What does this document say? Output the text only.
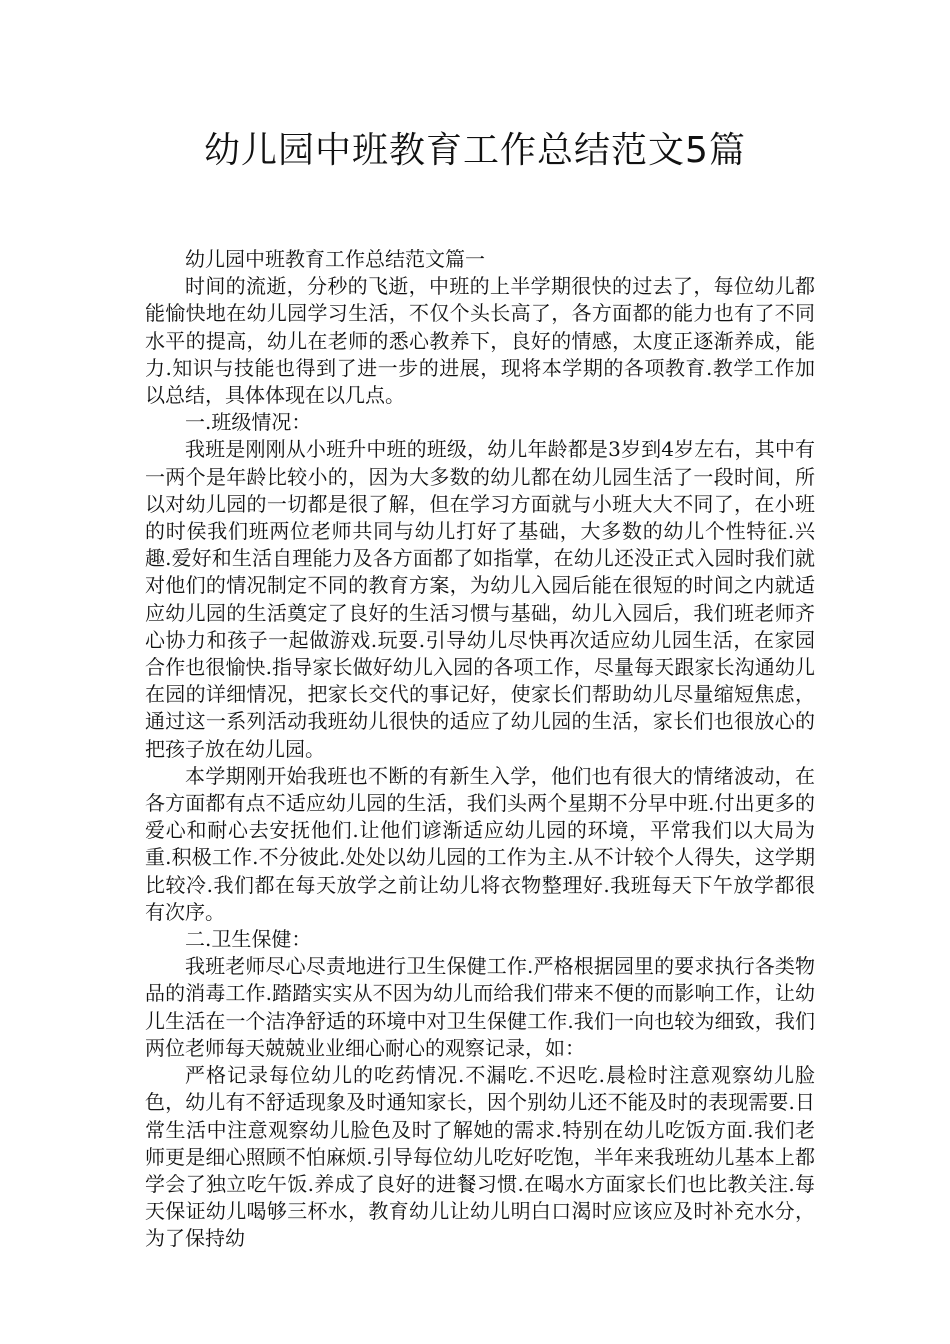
幼儿园中班教育工作总结范文5篇

幼儿园中班教育工作总结范文篇一

时间的流逝，分秒的飞逝，中班的上半学期很快的过去了，每位幼儿都能愉快地在幼儿园学习生活，不仅个头长高了，各方面都的能力也有了不同水平的提高，幼儿在老师的悉心教养下，良好的情感，太度正逐渐养成，能力.知识与技能也得到了进一步的进展，现将本学期的各项教育.教学工作加以总结，具体体现在以几点。

一.班级情况：

我班是刚刚从小班升中班的班级，幼儿年龄都是3岁到4岁左右，其中有一两个是年龄比较小的，因为大多数的幼儿都在幼儿园生活了一段时间，所以对幼儿园的一切都是很了解，但在学习方面就与小班大大不同了，在小班的时侯我们班两位老师共同与幼儿打好了基础，大多数的幼儿个性特征.兴趣.爱好和生活自理能力及各方面都了如指掌，在幼儿还没正式入园时我们就对他们的情况制定不同的教育方案，为幼儿入园后能在很短的时间之内就适应幼儿园的生活奠定了良好的生活习惯与基础，幼儿入园后，我们班老师齐心协力和孩子一起做游戏.玩耍.引导幼儿尽快再次适应幼儿园生活，在家园合作也很愉快.指导家长做好幼儿入园的各项工作，尽量每天跟家长沟通幼儿在园的详细情况，把家长交代的事记好，使家长们帮助幼儿尽量缩短焦虑，通过这一系列活动我班幼儿很快的适应了幼儿园的生活，家长们也很放心的把孩子放在幼儿园。

本学期刚开始我班也不断的有新生入学，他们也有很大的情绪波动，在各方面都有点不适应幼儿园的生活，我们头两个星期不分早中班.付出更多的爱心和耐心去安抚他们.让他们谚渐适应幼儿园的环境，平常我们以大局为重.积极工作.不分彼此.处处以幼儿园的工作为主.从不计较个人得失，这学期比较冷.我们都在每天放学之前让幼儿将衣物整理好.我班每天下午放学都很有次序。

二.卫生保健：

我班老师尽心尽责地进行卫生保健工作.严格根据园里的要求执行各类物品的消毒工作.踏踏实实从不因为幼儿而给我们带来不便的而影响工作，让幼儿生活在一个洁净舒适的环境中对卫生保健工作.我们一向也较为细致，我们两位老师每天兢兢业业细心耐心的观察记录，如：

严格记录每位幼儿的吃药情况.不漏吃.不迟吃.晨检时注意观察幼儿脸色，幼儿有不舒适现象及时通知家长，因个别幼儿还不能及时的表现需要.日常生活中注意观察幼儿脸色及时了解她的需求.特别在幼儿吃饭方面.我们老师更是细心照顾不怕麻烦.引导每位幼儿吃好吃饱，半年来我班幼儿基本上都学会了独立吃午饭.养成了良好的进餐习惯.在喝水方面家长们也比教关注.每天保证幼儿喝够三杯水，教育幼儿让幼儿明白口渴时应该应及时补充水分，为了保持幼
